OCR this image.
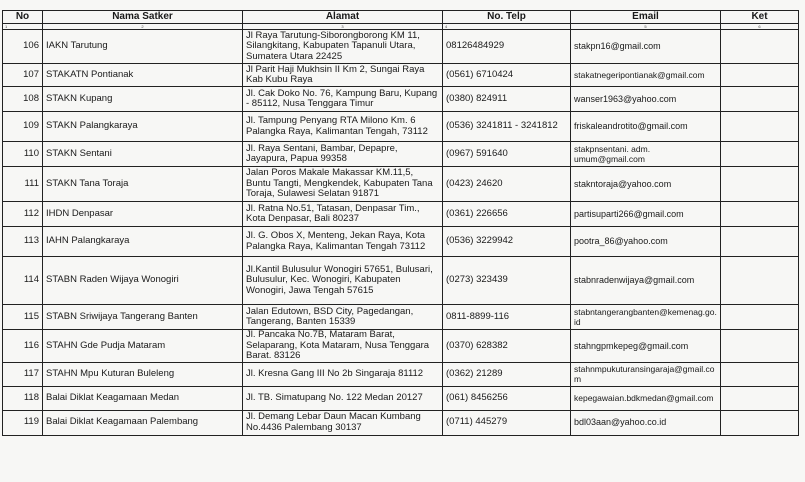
No	Nama Satker	Alamat	No. Telp	Email	Ket
1	2	3	4	5	6
106	IAKN Tarutung	Jl Raya Tarutung-Siborongborong KM 11, Silangkitang, Kabupaten Tapanuli Utara, Sumatera Utara 22425	08126484929	stakpn16@gmail.com	
107	STAKATN Pontianak	Jl Parit Haji Mukhsin II Km 2, Sungai Raya Kab Kubu Raya	(0561) 6710424	stakatnegeripontianak@gmail.com	
108	STAKN Kupang	Jl. Cak Doko No. 76, Kampung Baru, Kupang - 85112, Nusa Tenggara Timur	(0380) 824911	wanser1963@yahoo.com	
109	STAKN Palangkaraya	Jl. Tampung Penyang RTA Milono Km. 6 Palangka Raya, Kalimantan Tengah, 73112	(0536) 3241811 - 3241812	friskaleandrotito@gmail.com	
110	STAKN Sentani	Jl. Raya Sentani, Bambar, Depapre, Jayapura, Papua 99358	(0967) 591640	stakpnsentani. adm. umum@gmail.com	
111	STAKN Tana Toraja	Jalan Poros Makale Makassar KM.11,5, Buntu Tangti, Mengkendek, Kabupaten Tana Toraja, Sulawesi Selatan 91871	(0423) 24620	stakntoraja@yahoo.com	
112	IHDN Denpasar	Jl. Ratna No.51, Tatasan, Denpasar Tim., Kota Denpasar, Bali 80237	(0361) 226656	partisuparti266@gmail.com	
113	IAHN Palangkaraya	Jl. G. Obos X, Menteng, Jekan Raya, Kota Palangka Raya, Kalimantan Tengah 73112	(0536) 3229942	pootra_86@yahoo.com	
114	STABN Raden Wijaya Wonogiri	Jl.Kantil Bulusulur Wonogiri 57651, Bulusari, Bulusulur, Kec. Wonogiri, Kabupaten Wonogiri, Jawa Tengah 57615	(0273) 323439	stabnradenwijaya@gmail.com	
115	STABN Sriwijaya Tangerang Banten	Jalan Edutown, BSD City, Pagedangan, Tangerang, Banten 15339	0811-8899-116	stabntangerangbanten@kemenag.go.id	
116	STAHN Gde Pudja Mataram	Jl. Pancaka No.7B, Mataram Barat, Selaparang, Kota Mataram, Nusa Tenggara Barat. 83126	(0370) 628382	stahngpmkepeg@gmail.com	
117	STAHN Mpu Kuturan Buleleng	Jl. Kresna Gang III No 2b Singaraja 81112	(0362) 21289	stahnmpukuturansingaraja@gmail.com	
118	Balai Diklat Keagamaan Medan	Jl. TB. Simatupang No. 122 Medan 20127	(061) 8456256	kepegawaian.bdkmedan@gmail.com	
119	Balai Diklat Keagamaan Palembang	Jl. Demang Lebar Daun Macan Kumbang No.4436 Palembang 30137	(0711) 445279	bdl03aan@yahoo.co.id	
